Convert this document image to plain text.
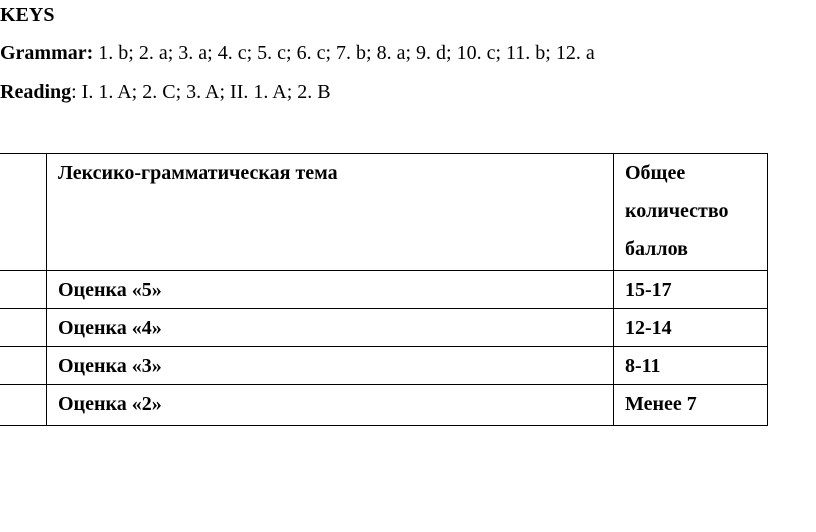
KEYS
Grammar: 1. b; 2. a; 3. a; 4. c; 5. c; 6. c; 7. b; 8. a; 9. d; 10. c; 11. b; 12. a
Reading: I. 1. A; 2. C; 3. A; II. 1. A; 2. B

	Лексико-грамматическая тема	Общее количество баллов

	Оценка «5»	15-17

	Оценка «4»	12-14

	Оценка «3»	8-11

	Оценка «2»	Менее 7
